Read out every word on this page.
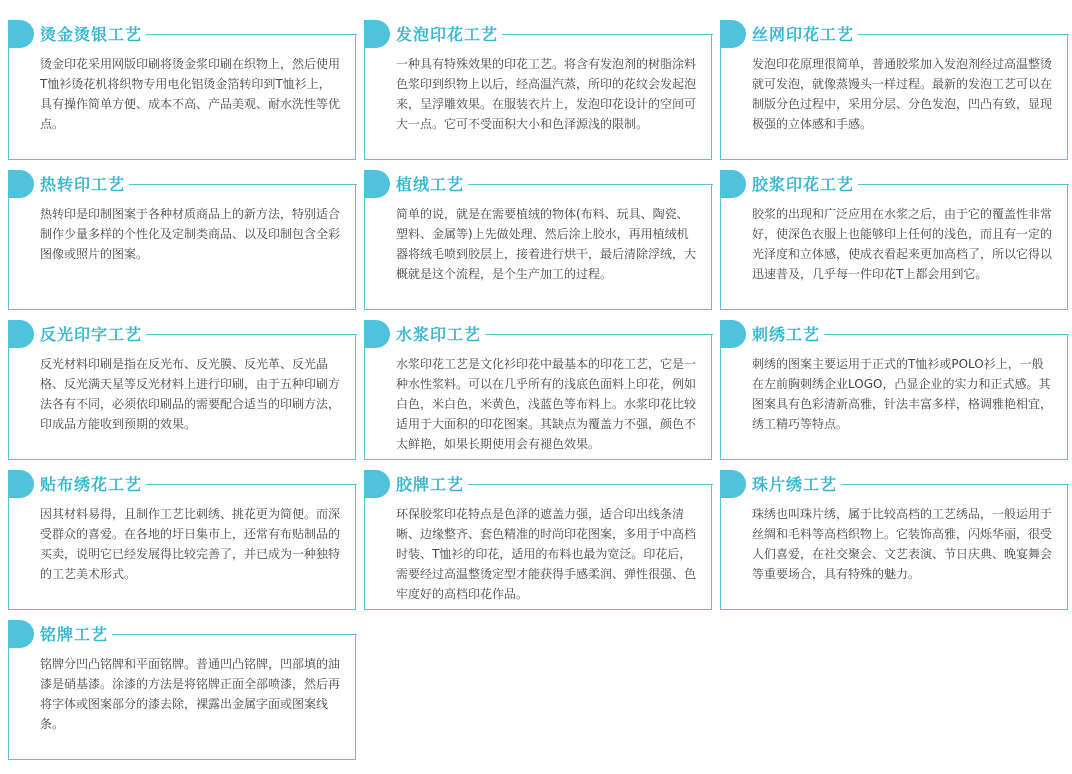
烫金烫银工艺
烫金印花采用网版印刷将烫金浆印刷在织物上，然后使用T恤衫烫花机将织物专用电化铝烫金箔转印到T恤衫上，具有操作简单方便、成本不高、产品美观、耐水洗性等优点。
发泡印花工艺
一种具有特殊效果的印花工艺。将含有发泡剂的树脂涂料色浆印到织物上以后，经高温汽蒸，所印的花纹会发起泡来，呈浮雕效果。在服装衣片上，发泡印花设计的空间可大一点。它可不受面积大小和色泽源浅的限制。
丝网印花工艺
发泡印花原理很简单，普通胶浆加入发泡剂经过高温整烫就可发泡，就像蒸馒头一样过程。最新的发泡工艺可以在 制版分色过程中，采用分层、分色发泡，凹凸有致，显现极强的立体感和手感。
热转印工艺
热转印是印制图案于各种材质商品上的新方法，特别适合制作少量多样的个性化及定制类商品、以及印制包含全彩图像或照片的图案。
植绒工艺
简单的说，就是在需要植绒的物体(布料、玩具、陶瓷、塑料、金属等)上先做处理、然后涂上胶水，再用植绒机器将绒毛喷到胶层上，接着进行烘干，最后清除浮绒，大概就是这个流程，是个生产加工的过程。
胶浆印花工艺
胶浆的出现和广泛应用在水浆之后，由于它的覆盖性非常好，使深色衣服上也能够印上任何的浅色，而且有一定的光泽度和立体感，使成衣看起来更加高档了，所以它得以迅速普及，几乎每一件印花T上都会用到它。
反光印字工艺
反光材料印刷是指在反光布、反光膜、反光革、反光晶格、反光满天星等反光材料上进行印刷，由于五种印刷方法各有不同，必须依印刷品的需要配合适当的印刷方法，印成品方能收到预期的效果。
水浆印工艺
水浆印花工艺是文化衫印花中最基本的印花工艺，它是一种水性浆料。可以在几乎所有的浅底色面料上印花，例如白色，米白色，米黄色，浅蓝色等布料上。水浆印花比较适用于大面积的印花图案。其缺点为覆盖力不强，颜色不太鲜艳，如果长期使用会有褪色效果。
刺绣工艺
刺绣的图案主要运用于正式的T恤衫或POLO衫上，一般在左前胸刺绣企业LOGO，凸显企业的实力和正式感。其图案具有色彩清新高雅，针法丰富多样，格调雅艳相宜，绣工精巧等特点。
贴布绣花工艺
因其材料易得，且制作工艺比刺绣、挑花更为简便。而深受群众的喜爱。在各地的圩日集市上，还常有布贴制品的买卖，说明它已经发展得比较完善了，并已成为一种独特的工艺美术形式。
胶牌工艺
环保胶浆印花特点是色泽的遮盖力强，适合印出线条清晰、边缘整齐、套色精准的时尚印花图案，多用于中高档时装、T恤衫的印花，适用的布料也最为宽泛。印花后，需要经过高温整烫定型才能获得手感柔润、弹性很强、色牢度好的高档印花作品。
珠片绣工艺
珠绣也叫珠片绣，属于比较高档的工艺绣品，一般运用于丝绸和毛料等高档织物上。它装饰高雅，闪烁华丽，很受人们喜爱，在社交聚会、文艺表演、节日庆典、晚宴舞会等重要场合，具有特殊的魅力。
铭牌工艺
铭牌分凹凸铭牌和平面铭牌。普通凹凸铭牌，凹部填的油漆是硝基漆。涂漆的方法是将铭牌正面全部喷漆，然后再将字体或图案部分的漆去除，裸露出金属字面或图案线条。
